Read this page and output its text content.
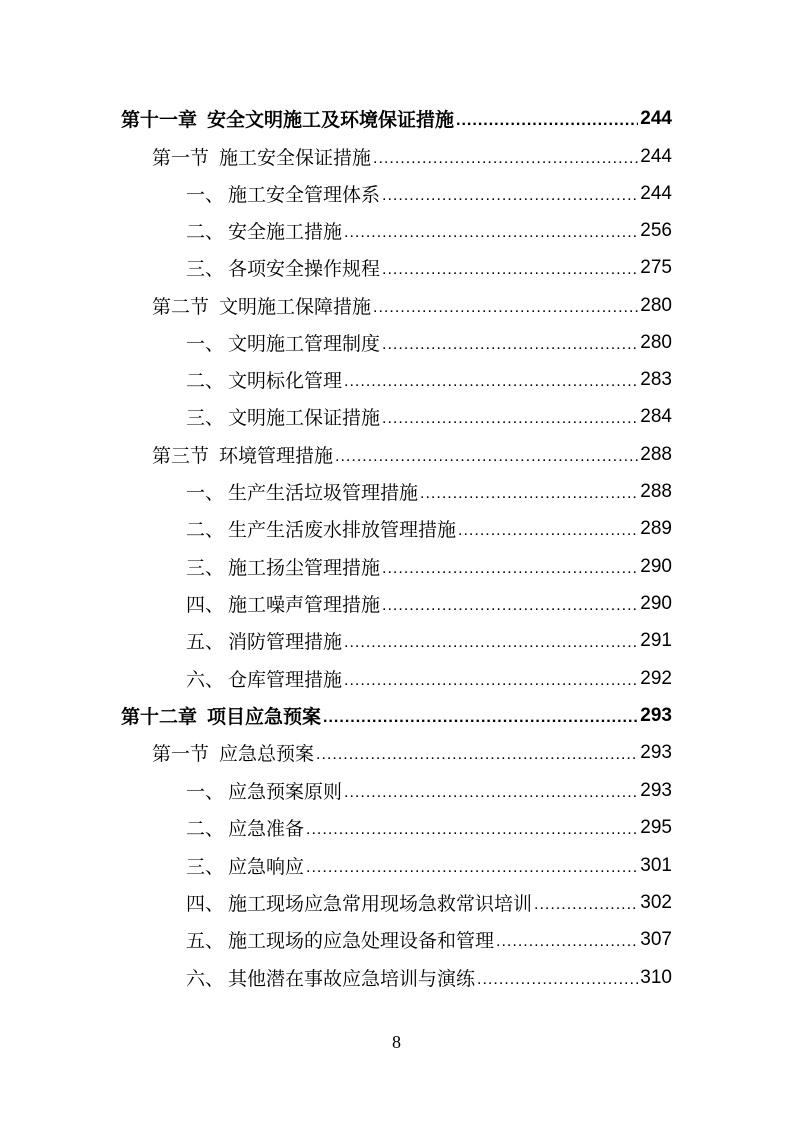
第十一章 安全文明施工及环境保证措施 .....	244
第一节 施工安全保证措施 .....	244
一、 施工安全管理体系 .....	244
二、 安全施工措施 .....	256
三、 各项安全操作规程 .....	275
第二节 文明施工保障措施 .....	280
一、 文明施工管理制度 .....	280
二、 文明标化管理 .....	283
三、 文明施工保证措施 .....	284
第三节 环境管理措施 .....	288
一、 生产生活垃圾管理措施 .....	288
二、 生产生活废水排放管理措施 .....	289
三、 施工扬尘管理措施 .....	290
四、 施工噪声管理措施 .....	290
五、 消防管理措施 .....	291
六、 仓库管理措施 .....	292
第十二章 项目应急预案 .....	293
第一节 应急总预案 .....	293
一、 应急预案原则 .....	293
二、 应急准备 .....	295
三、 应急响应 .....	301
四、 施工现场应急常用现场急救常识培训 .....	302
五、 施工现场的应急处理设备和管理 .....	307
六、 其他潜在事故应急培训与演练 .....	310
8
